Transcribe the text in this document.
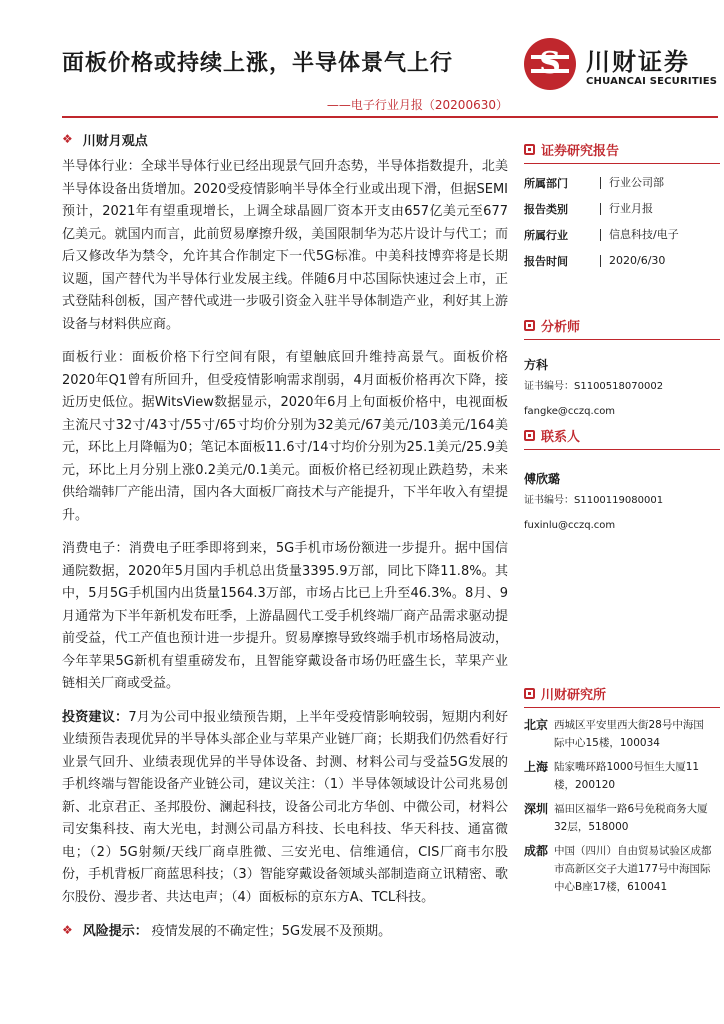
面板价格或持续上涨，半导体景气上行
——电子行业月报（20200630）
S 川财证券
CHUANCAI SECURITIES
❖ 川财月观点

半导体行业：全球半导体行业已经出现景气回升态势，半导体指数提升，北美半导体设备出货增加。2020受疫情影响半导体全行业或出现下滑，但据SEMI预计，2021年有望重现增长，上调全球晶圆厂资本开支由657亿美元至677亿美元。就国内而言，此前贸易摩擦升级，美国限制华为芯片设计与代工；而后又修改华为禁令，允许其合作制定下一代5G标准。中美科技博弈将是长期议题，国产替代为半导体行业发展主线。伴随6月中芯国际快速过会上市，正式登陆科创板，国产替代或进一步吸引资金入驻半导体制造产业，利好其上游设备与材料供应商。

面板行业：面板价格下行空间有限，有望触底回升维持高景气。面板价格2020年Q1曾有所回升，但受疫情影响需求削弱，4月面板价格再次下降，接近历史低位。据WitsView数据显示，2020年6月上旬面板价格中，电视面板主流尺寸32寸/43寸/55寸/65寸均价分别为32美元/67美元/103美元/164美元，环比上月降幅为0；笔记本面板11.6寸/14寸均价分别为25.1美元/25.9美元，环比上月分别上涨0.2美元/0.1美元。面板价格已经初现止跌趋势，未来供给端韩厂产能出清，国内各大面板厂商技术与产能提升，下半年收入有望提升。

消费电子：消费电子旺季即将到来，5G手机市场份额进一步提升。据中国信通院数据，2020年5月国内手机总出货量3395.9万部，同比下降11.8%。其中，5月5G手机国内出货量1564.3万部，市场占比已上升至46.3%。8月、9月通常为下半年新机发布旺季，上游晶圆代工受手机终端厂商产品需求驱动提前受益，代工产值也预计进一步提升。贸易摩擦导致终端手机市场格局波动，今年苹果5G新机有望重磅发布，且智能穿戴设备市场仍旺盛生长，苹果产业链相关厂商或受益。

投资建议：7月为公司中报业绩预告期，上半年受疫情影响较弱，短期内利好业绩预告表现优异的半导体头部企业与苹果产业链厂商；长期我们仍然看好行业景气回升、业绩表现优异的半导体设备、封测、材料公司与受益5G发展的手机终端与智能设备产业链公司，建议关注：（1）半导体领域设计公司兆易创新、北京君正、圣邦股份、澜起科技，设备公司北方华创、中微公司，材料公司安集科技、南大光电，封测公司晶方科技、长电科技、华天科技、通富微电；（2）5G射频/天线厂商卓胜微、三安光电、信维通信，CIS厂商韦尔股份，手机背板厂商蓝思科技；（3）智能穿戴设备领域头部制造商立讯精密、歌尔股份、漫步者、共达电声；（4）面板标的京东方A、TCL科技。

❖ 风险提示： 疫情发展的不确定性；5G发展不及预期。
证券研究报告
所属部门	行业公司部
报告类别	行业月报
所属行业	信息科技/电子
报告时间	2020/6/30
分析师
方科
证书编号：S1100518070002
fangke@cczq.com
联系人
傅欣璐
证书编号：S1100119080001
fuxinlu@cczq.com
川财研究所
北京 西城区平安里西大街28号中海国际中心15楼，100034
上海 陆家嘴环路1000号恒生大厦11楼，200120
深圳 福田区福华一路6号免税商务大厦32层，518000
成都 中国（四川）自由贸易试验区成都市高新区交子大道177号中海国际中心B座17楼，610041
